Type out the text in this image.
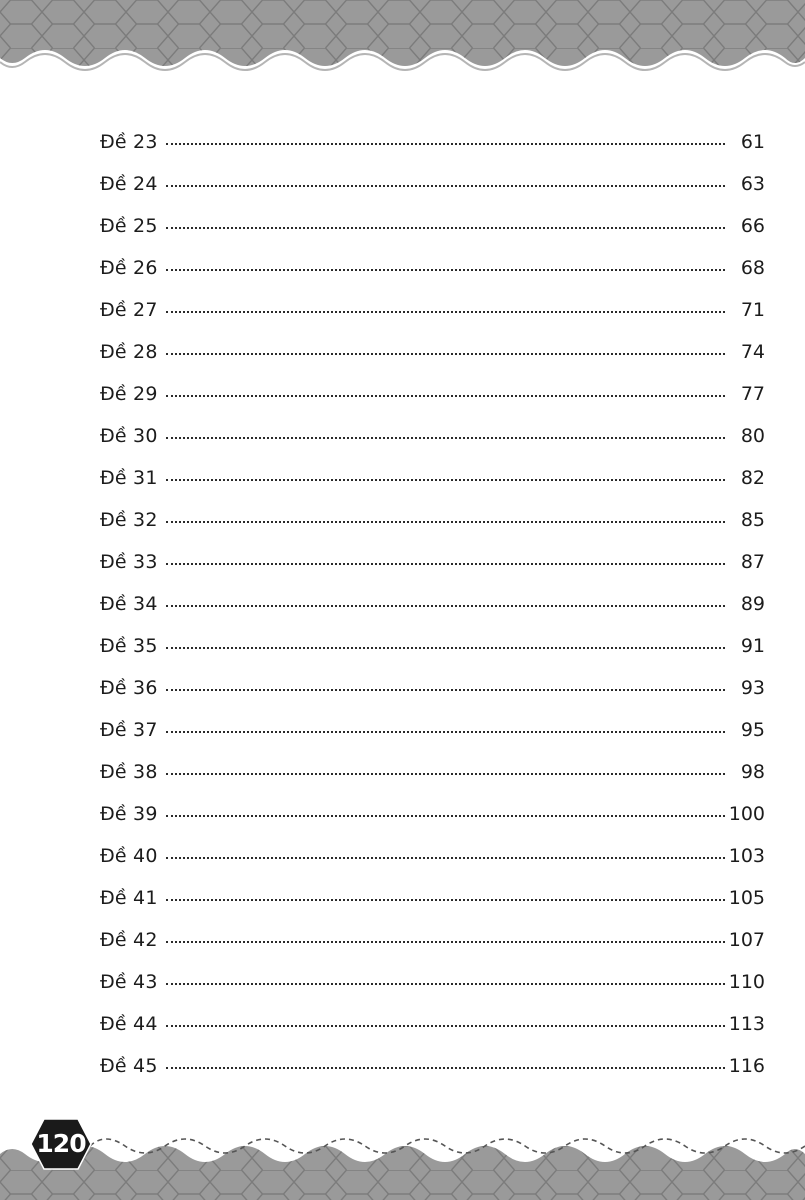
Đề 23	61
Đề 24	63
Đề 25	66
Đề 26	68
Đề 27	71
Đề 28	74
Đề 29	77
Đề 30	80
Đề 31	82
Đề 32	85
Đề 33	87
Đề 34	89
Đề 35	91
Đề 36	93
Đề 37	95
Đề 38	98
Đề 39	100
Đề 40	103
Đề 41	105
Đề 42	107
Đề 43	110
Đề 44	113
Đề 45	116
120
